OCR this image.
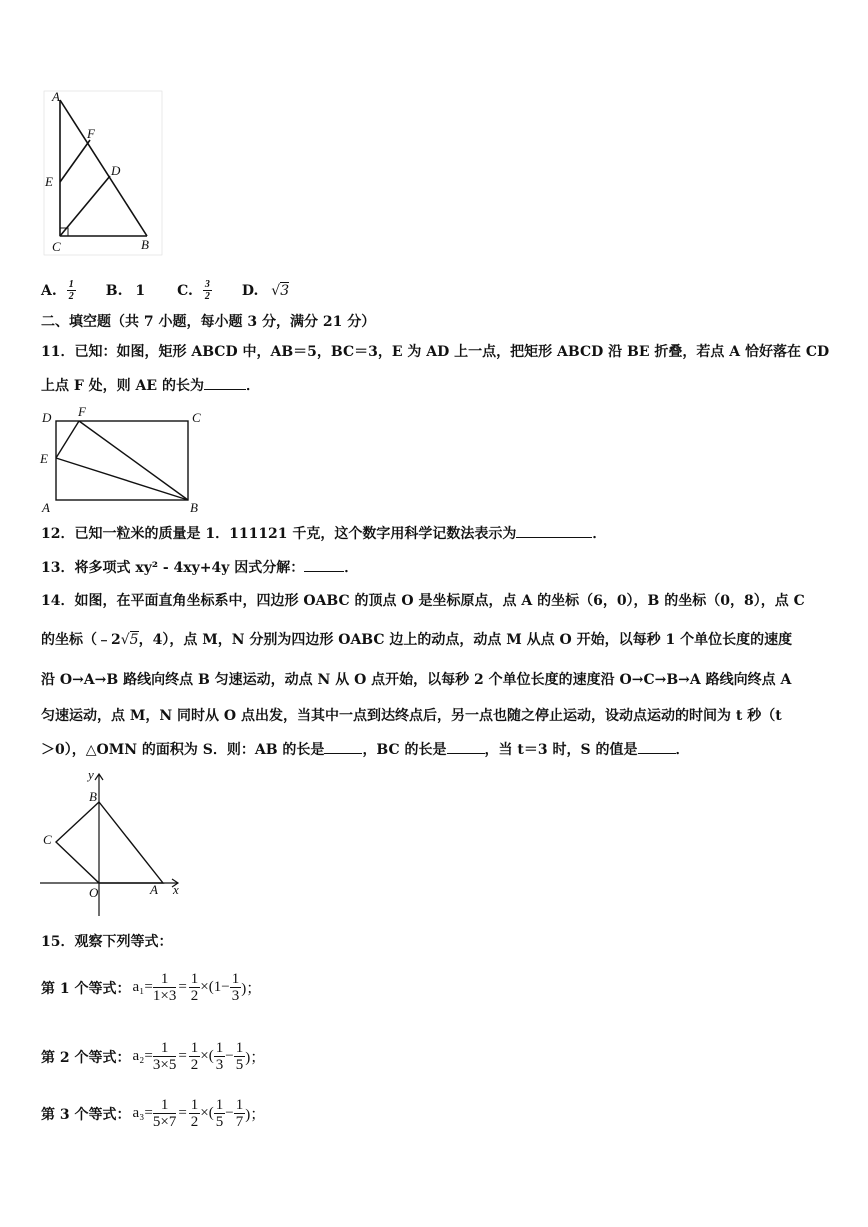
A
F
E
D
C	B
A. $\frac{1}{2} B$. 1 C. $\frac{3}{2} D$. √3
二、填空题（共 7 小题，每小题 3 分，满分 21 分）
11．已知：如图，矩形 ABCD 中，AB＝5，BC＝3，E 为 AD 上一点，把矩形 ABCD 沿 BE 折叠，若点 A 恰好落在 CD
上点 F 处，则 AE 的长为	．
D F	C
E
A	B
12．已知一粒米的质量是 1．111121 千克，这个数字用科学记数法表示为	．
13．将多项式 xy² ‐ 4xy+4y 因式分解：	．
14．如图，在平面直角坐标系中，四边形 OABC 的顶点 O 是坐标原点，点 A 的坐标（6，0），B 的坐标（0，8），点 C
的坐标（﹣2√5，4），点 M，N 分别为四边形 OABC 边上的动点，动点 M 从点 O 开始，以每秒 1 个单位长度的速度
沿 O→A→B 路线向终点 B 匀速运动，动点 N 从 O 点开始，以每秒 2 个单位长度的速度沿 O→C→B→A 路线向终点 A
匀速运动，点 M，N 同时从 O 点出发，当其中一点到达终点后，另一点也随之停止运动，设动点运动的时间为 t 秒（t
＞0），△OMN 的面积为 S．则：AB 的长是	，BC 的长是	，当 t＝3 时，S 的值是	．
y
B
C
O	A x
15．观察下列等式：
第 1 个等式： $a_1= \frac{1}{1\times 3} = \frac{1}{2} \times(1- \frac{1}{3}$ )；
第 2 个等式： $a_2= \frac{1}{3\times 5} = \frac{1}{2}$ ×( $\frac{1}{3} - \frac{1}{5}$ )；
第 3 个等式： $a_3= \frac{1}{5\times 7} = \frac{1}{2}$ ×( $\frac{1}{5} - \frac{1}{7}$ )；
